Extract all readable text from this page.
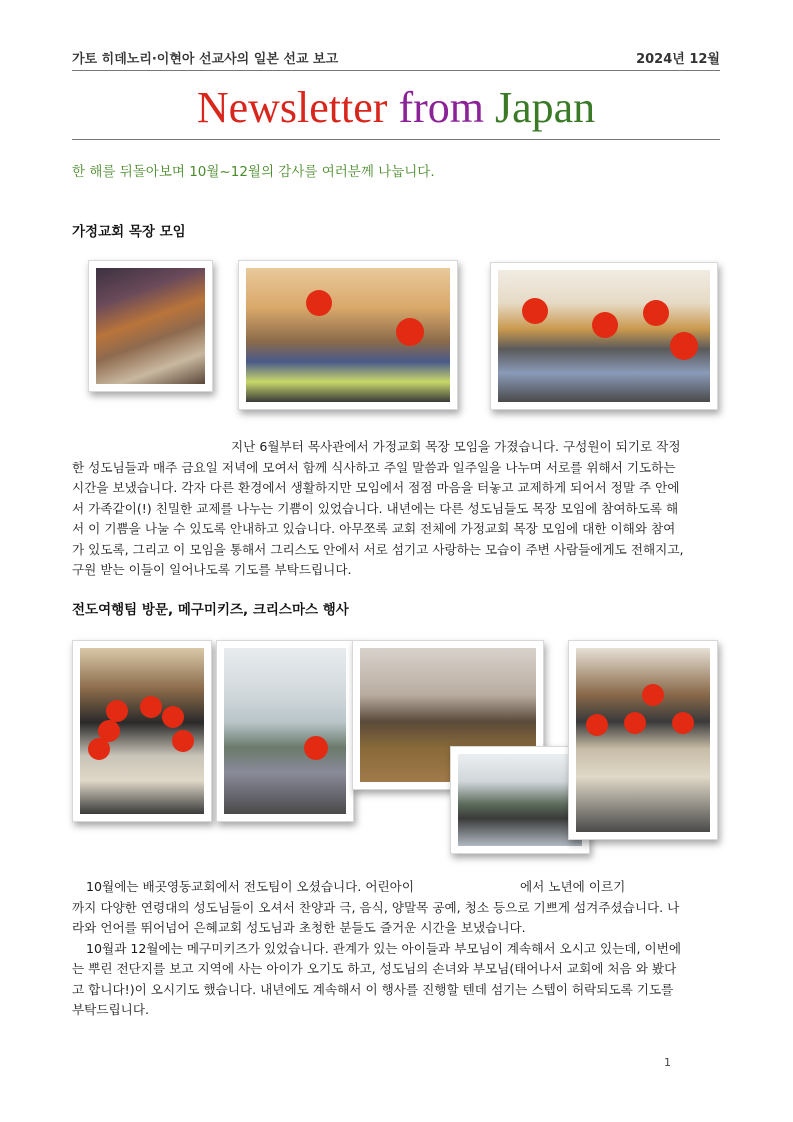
가토 히데노리·이현아 선교사의 일본 선교 보고	2024년 12월
Newsletter from Japan
한 해를 뒤돌아보며 10월~12월의 감사를 여러분께 나눕니다.
가정교회 목장 모임
지난 6월부터 목사관에서 가정교회 목장 모임을 가졌습니다. 구성원이 되기로 작정
한 성도님들과 매주 금요일 저녁에 모여서 함께 식사하고 주일 말씀과 일주일을 나누며 서로를 위해서 기도하는
시간을 보냈습니다. 각자 다른 환경에서 생활하지만 모임에서 점점 마음을 터놓고 교제하게 되어서 정말 주 안에
서 가족같이(!) 친밀한 교제를 나누는 기쁨이 있었습니다. 내년에는 다른 성도님들도 목장 모임에 참여하도록 해
서 이 기쁨을 나눌 수 있도록 안내하고 있습니다. 아무쪼록 교회 전체에 가정교회 목장 모임에 대한 이해와 참여
가 있도록, 그리고 이 모임을 통해서 그리스도 안에서 서로 섬기고 사랑하는 모습이 주변 사람들에게도 전해지고,
구원 받는 이들이 일어나도록 기도를 부탁드립니다.
전도여행팀 방문, 메구미키즈, 크리스마스 행사
10월에는 배곳영동교회에서 전도팀이 오셨습니다. 어린아이	에서 노년에 이르기
까지 다양한 연령대의 성도님들이 오셔서 찬양과 극, 음식, 양말목 공예, 청소 등으로 기쁘게 섬겨주셨습니다. 나
라와 언어를 뛰어넘어 은혜교회 성도님과 초청한 분들도 즐거운 시간을 보냈습니다.
10월과 12월에는 메구미키즈가 있었습니다. 관계가 있는 아이들과 부모님이 계속해서 오시고 있는데, 이번에
는 뿌린 전단지를 보고 지역에 사는 아이가 오기도 하고, 성도님의 손녀와 부모님(태어나서 교회에 처음 와 봤다
고 합니다!)이 오시기도 했습니다. 내년에도 계속해서 이 행사를 진행할 텐데 섬기는 스텝이 허락되도록 기도를
부탁드립니다.
1
